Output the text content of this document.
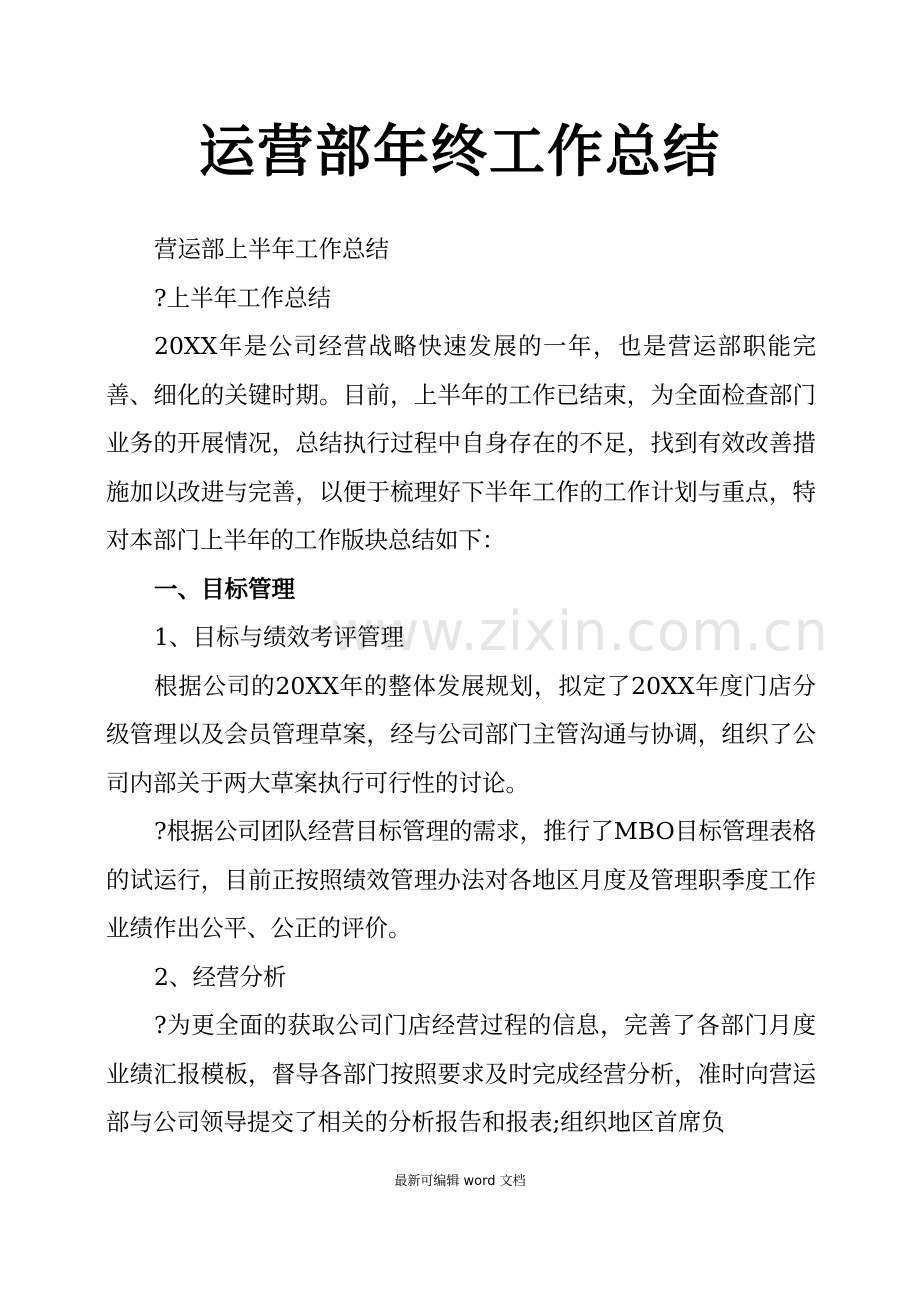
运营部年终工作总结
www.zixin.com.cn

营运部上半年工作总结

?上半年工作总结

20XX年是公司经营战略快速发展的一年，也是营运部职能完善、细化的关键时期。目前，上半年的工作已结束，为全面检查部门业务的开展情况，总结执行过程中自身存在的不足，找到有效改善措施加以改进与完善，以便于梳理好下半年工作的工作计划与重点，特对本部门上半年的工作版块总结如下：

一、目标管理

1、目标与绩效考评管理

根据公司的20XX年的整体发展规划，拟定了20XX年度门店分级管理以及会员管理草案，经与公司部门主管沟通与协调，组织了公司内部关于两大草案执行可行性的讨论。

?根据公司团队经营目标管理的需求，推行了MBO目标管理表格的试运行，目前正按照绩效管理办法对各地区月度及管理职季度工作业绩作出公平、公正的评价。

2、经营分析

?为更全面的获取公司门店经营过程的信息，完善了各部门月度业绩汇报模板，督导各部门按照要求及时完成经营分析，准时向营运部与公司领导提交了相关的分析报告和报表;组织地区首席负

最新可编辑 word 文档
